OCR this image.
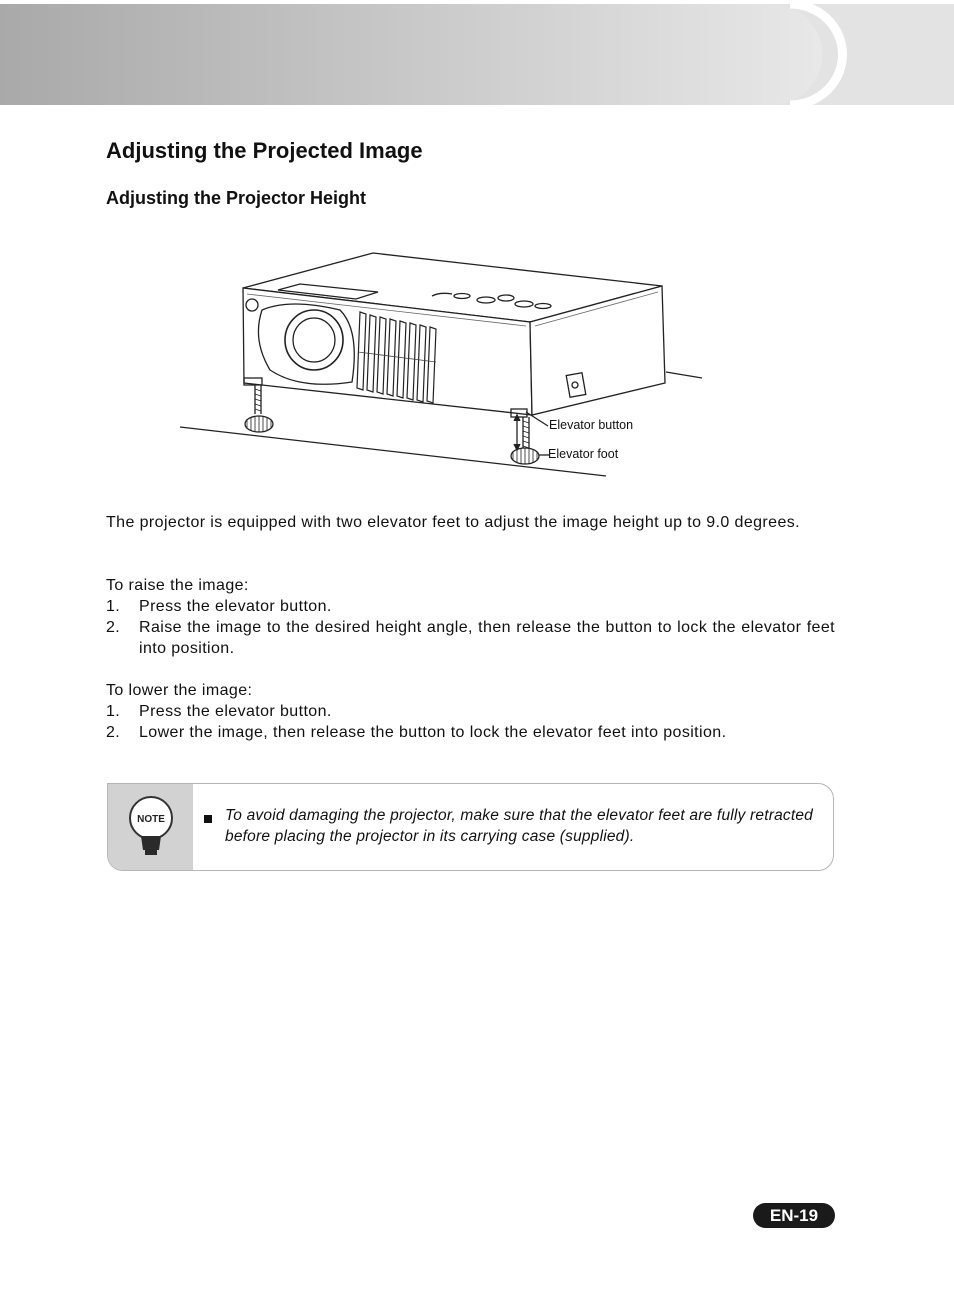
Adjusting the Projected Image
Adjusting the Projector Height
Elevator button
Elevator foot
The projector is equipped with two elevator feet to adjust the image height up to 9.0 degrees.
To raise the image:
1. Press the elevator button.
2. Raise the image to the desired height angle, then release the button to lock the elevator feet into position.
To lower the image:
1. Press the elevator button.
2. Lower the image, then release the button to lock the elevator feet into position.
NOTE	To avoid damaging the projector, make sure that the elevator feet are fully retracted before placing the projector in its carrying case (supplied).
EN-19
